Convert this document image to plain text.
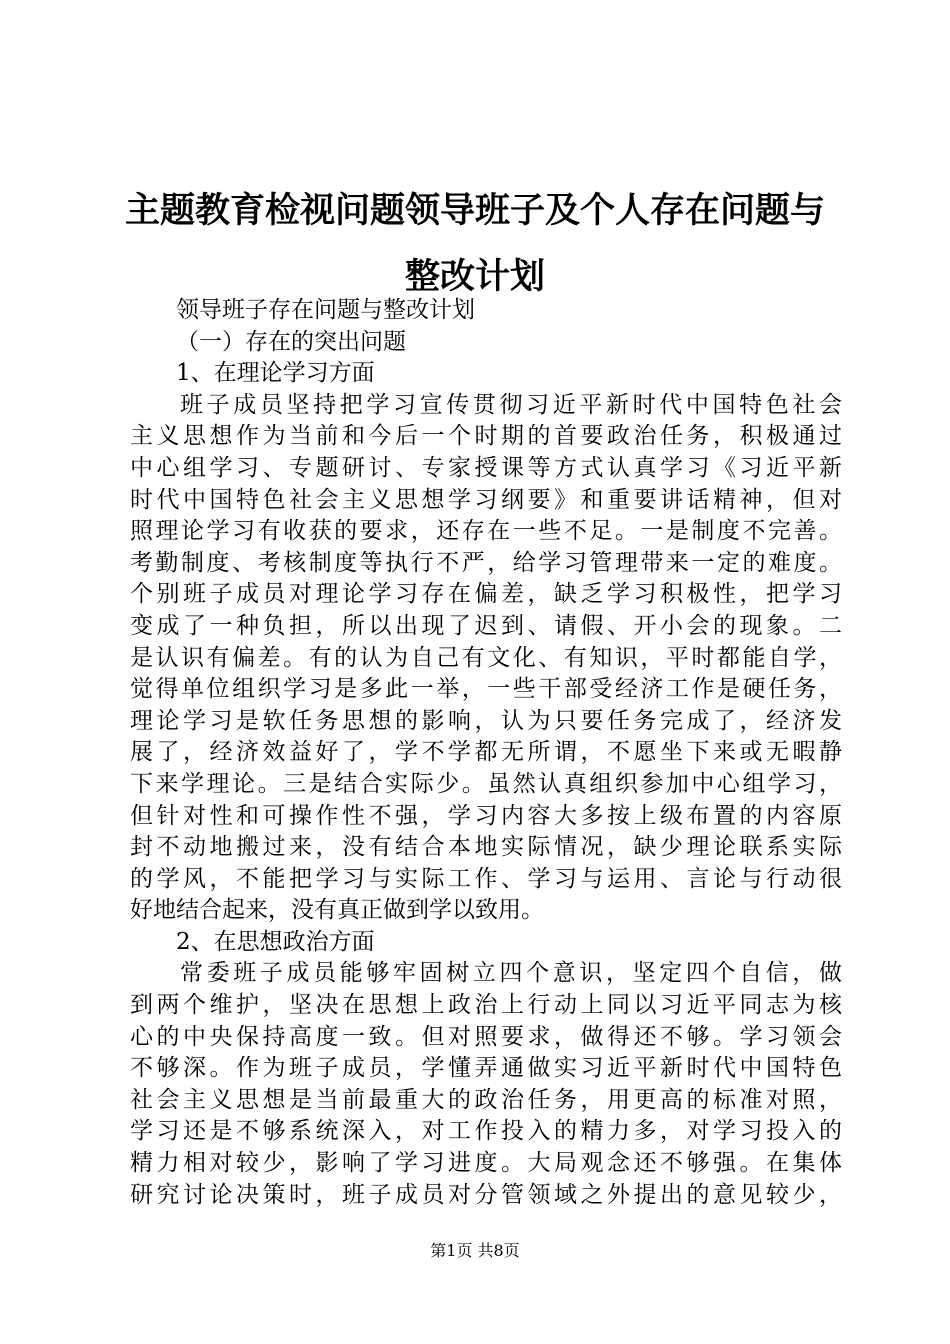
主题教育检视问题领导班子及个人存在问题与
整改计划
领导班子存在问题与整改计划
（一）存在的突出问题
1、在理论学习方面
班子成员坚持把学习宣传贯彻习近平新时代中国特色社会
主义思想作为当前和今后一个时期的首要政治任务，积极通过
中心组学习、专题研讨、专家授课等方式认真学习《习近平新
时代中国特色社会主义思想学习纲要》和重要讲话精神，但对
照理论学习有收获的要求，还存在一些不足。一是制度不完善。
考勤制度、考核制度等执行不严，给学习管理带来一定的难度。
个别班子成员对理论学习存在偏差，缺乏学习积极性，把学习
变成了一种负担，所以出现了迟到、请假、开小会的现象。二
是认识有偏差。有的认为自己有文化、有知识，平时都能自学，
觉得单位组织学习是多此一举，一些干部受经济工作是硬任务，
理论学习是软任务思想的影响，认为只要任务完成了，经济发
展了，经济效益好了，学不学都无所谓，不愿坐下来或无暇静
下来学理论。三是结合实际少。虽然认真组织参加中心组学习，
但针对性和可操作性不强，学习内容大多按上级布置的内容原
封不动地搬过来，没有结合本地实际情况，缺少理论联系实际
的学风，不能把学习与实际工作、学习与运用、言论与行动很
好地结合起来，没有真正做到学以致用。
2、在思想政治方面
常委班子成员能够牢固树立四个意识，坚定四个自信，做
到两个维护，坚决在思想上政治上行动上同以习近平同志为核
心的中央保持高度一致。但对照要求，做得还不够。学习领会
不够深。作为班子成员，学懂弄通做实习近平新时代中国特色
社会主义思想是当前最重大的政治任务，用更高的标准对照，
学习还是不够系统深入，对工作投入的精力多，对学习投入的
精力相对较少，影响了学习进度。大局观念还不够强。在集体
研究讨论决策时，班子成员对分管领域之外提出的意见较少，
第1页 共8页
